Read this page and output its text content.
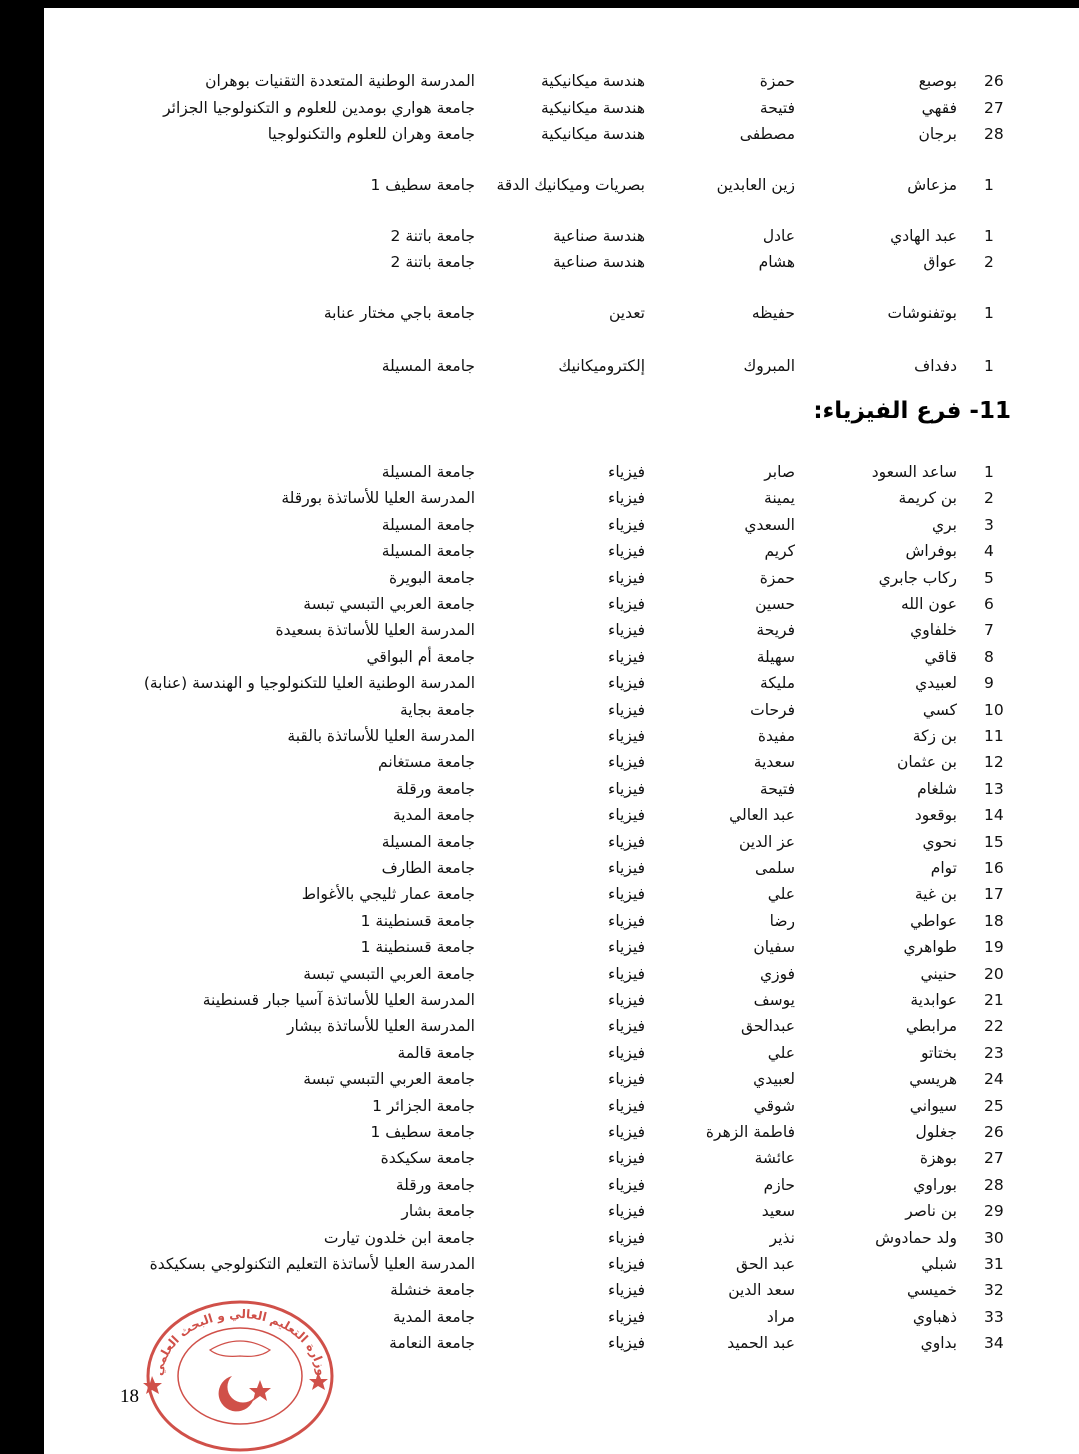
26
بوصبع
حمزة
هندسة ميكانيكية
المدرسة الوطنية المتعددة التقنيات بوهران
27
فقهي
فتيحة
هندسة ميكانيكية
جامعة هواري بومدين للعلوم و التكنولوجيا الجزائر
28
برجان
مصطفى
هندسة ميكانيكية
جامعة وهران للعلوم والتكنولوجيا
1
مزعاش
زين العابدين
بصريات وميكانيك الدقة
جامعة سطيف 1
1
عبد الهادي
عادل
هندسة صناعية
جامعة باتنة 2
2
عواق
هشام
هندسة صناعية
جامعة باتنة 2
1
بوتفنوشات
حفيظه
تعدين
جامعة باجي مختار عنابة
1
دفداف
المبروك
إلكتروميكانيك
جامعة المسيلة
1
ساعد السعود
صابر
فيزياء
جامعة المسيلة
2
بن كريمة
يمينة
فيزياء
المدرسة العليا للأساتذة بورقلة
3
بري
السعدي
فيزياء
جامعة المسيلة
4
بوفراش
كريم
فيزياء
جامعة المسيلة
5
ركاب جابري
حمزة
فيزياء
جامعة البويرة
6
عون الله
حسين
فيزياء
جامعة العربي التبسي تبسة
7
خلفاوي
فريحة
فيزياء
المدرسة العليا للأساتذة بسعيدة
8
قاقي
سهيلة
فيزياء
جامعة أم البواقي
9
لعبيدي
مليكة
فيزياء
المدرسة الوطنية العليا للتكنولوجيا و الهندسة (عنابة)
10
كسي
فرحات
فيزياء
جامعة بجاية
11
بن زكة
مفيدة
فيزياء
المدرسة العليا للأساتذة بالقبة
12
بن عثمان
سعدية
فيزياء
جامعة مستغانم
13
شلغام
فتيحة
فيزياء
جامعة ورقلة
14
بوقعود
عبد العالي
فيزياء
جامعة المدية
15
نحوي
عز الدين
فيزياء
جامعة المسيلة
16
توام
سلمى
فيزياء
جامعة الطارف
17
بن غية
علي
فيزياء
جامعة عمار ثليجي بالأغواط
18
عواطي
رضا
فيزياء
جامعة قسنطينة 1
19
طواهري
سفيان
فيزياء
جامعة قسنطينة 1
20
حنيني
فوزي
فيزياء
جامعة العربي التبسي تبسة
21
عوابدية
يوسف
فيزياء
المدرسة العليا للأساتذة آسيا جبار قسنطينة
22
مرابطي
عبدالحق
فيزياء
المدرسة العليا للأساتذة ببشار
23
بختاتو
علي
فيزياء
جامعة قالمة
24
هريسي
لعبيدي
فيزياء
جامعة العربي التبسي تبسة
25
سيواني
شوقي
فيزياء
جامعة الجزائر 1
26
جغلول
فاطمة الزهرة
فيزياء
جامعة سطيف 1
27
بوهزة
عائشة
فيزياء
جامعة سكيكدة
28
بوراوي
حازم
فيزياء
جامعة ورقلة
29
بن ناصر
سعيد
فيزياء
جامعة بشار
30
ولد حمادوش
نذير
فيزياء
جامعة ابن خلدون تيارت
31
شبلي
عبد الحق
فيزياء
المدرسة العليا لأساتذة التعليم التكنولوجي بسكيكدة
32
خميسي
سعد الدين
فيزياء
جامعة خنشلة
33
ذهباوي
مراد
فيزياء
جامعة المدية
34
بداوي
عبد الحميد
فيزياء
جامعة النعامة
11- فرع الفيزياء:
وزارة التعليم العالي و البحث العلمي
18
